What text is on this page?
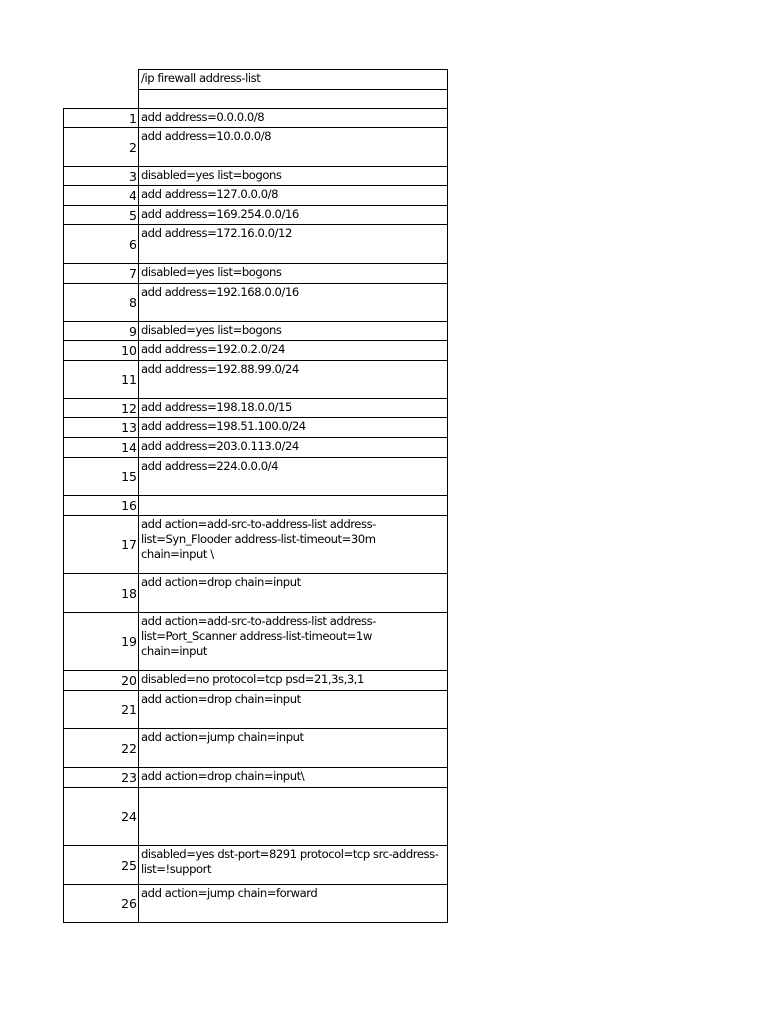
/ip firewall address-list
1 add address=0.0.0.0/8
2
add address=10.0.0.0/8
3 disabled=yes list=bogons
4 add address=127.0.0.0/8
5 add address=169.254.0.0/16
6
add address=172.16.0.0/12
7 disabled=yes list=bogons
8
add address=192.168.0.0/16
9 disabled=yes list=bogons
10 add address=192.0.2.0/24
11
add address=192.88.99.0/24
12 add address=198.18.0.0/15
13 add address=198.51.100.0/24
14 add address=203.0.113.0/24
15
add address=224.0.0.0/4
16
17
add action=add-src-to-address-list address-
list=Syn_Flooder address-list-timeout=30m
chain=input \
18
add action=drop chain=input
19
add action=add-src-to-address-list address-
list=Port_Scanner address-list-timeout=1w
chain=input
20 disabled=no protocol=tcp psd=21,3s,3,1
21
add action=drop chain=input
22
add action=jump chain=input
23 add action=drop chain=input\
24
25
disabled=yes dst-port=8291 protocol=tcp src-address-
list=!support
26
add action=jump chain=forward
